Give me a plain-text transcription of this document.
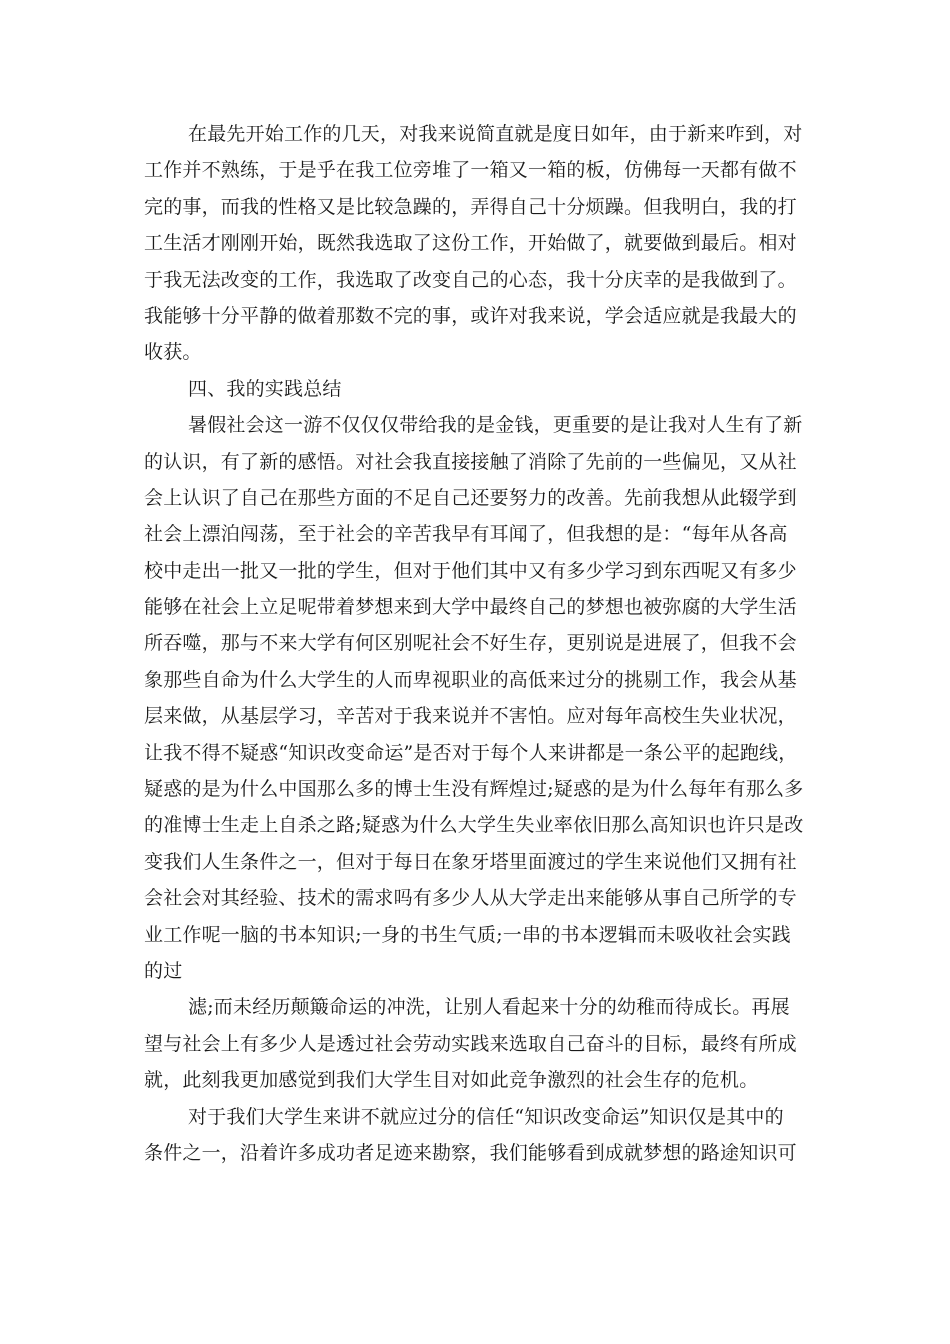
在最先开始工作的几天，对我来说简直就是度日如年，由于新来咋到，对
工作并不熟练，于是乎在我工位旁堆了一箱又一箱的板，仿佛每一天都有做不
完的事，而我的性格又是比较急躁的，弄得自己十分烦躁。但我明白，我的打
工生活才刚刚开始，既然我选取了这份工作，开始做了，就要做到最后。相对
于我无法改变的工作，我选取了改变自己的心态，我十分庆幸的是我做到了。
我能够十分平静的做着那数不完的事，或许对我来说，学会适应就是我最大的
收获。
四、我的实践总结
暑假社会这一游不仅仅仅带给我的是金钱，更重要的是让我对人生有了新
的认识，有了新的感悟。对社会我直接接触了消除了先前的一些偏见，又从社
会上认识了自己在那些方面的不足自己还要努力的改善。先前我想从此辍学到
社会上漂泊闯荡，至于社会的辛苦我早有耳闻了，但我想的是：“每年从各高
校中走出一批又一批的学生，但对于他们其中又有多少学习到东西呢又有多少
能够在社会上立足呢带着梦想来到大学中最终自己的梦想也被弥腐的大学生活
所吞噬，那与不来大学有何区别呢社会不好生存，更别说是进展了，但我不会
象那些自命为什么大学生的人而卑视职业的高低来过分的挑剔工作，我会从基
层来做，从基层学习，辛苦对于我来说并不害怕。应对每年高校生失业状况，
让我不得不疑惑“知识改变命运”是否对于每个人来讲都是一条公平的起跑线，
疑惑的是为什么中国那么多的博士生没有辉煌过;疑惑的是为什么每年有那么多
的准博士生走上自杀之路;疑惑为什么大学生失业率依旧那么高知识也许只是改
变我们人生条件之一，但对于每日在象牙塔里面渡过的学生来说他们又拥有社
会社会对其经验、技术的需求吗有多少人从大学走出来能够从事自己所学的专
业工作呢一脑的书本知识;一身的书生气质;一串的书本逻辑而未吸收社会实践
的过
滤;而未经历颠簸命运的冲洗，让别人看起来十分的幼稚而待成长。再展
望与社会上有多少人是透过社会劳动实践来选取自己奋斗的目标，最终有所成
就，此刻我更加感觉到我们大学生目对如此竞争激烈的社会生存的危机。
对于我们大学生来讲不就应过分的信任“知识改变命运”知识仅是其中的
条件之一，沿着许多成功者足迹来勘察，我们能够看到成就梦想的路途知识可
